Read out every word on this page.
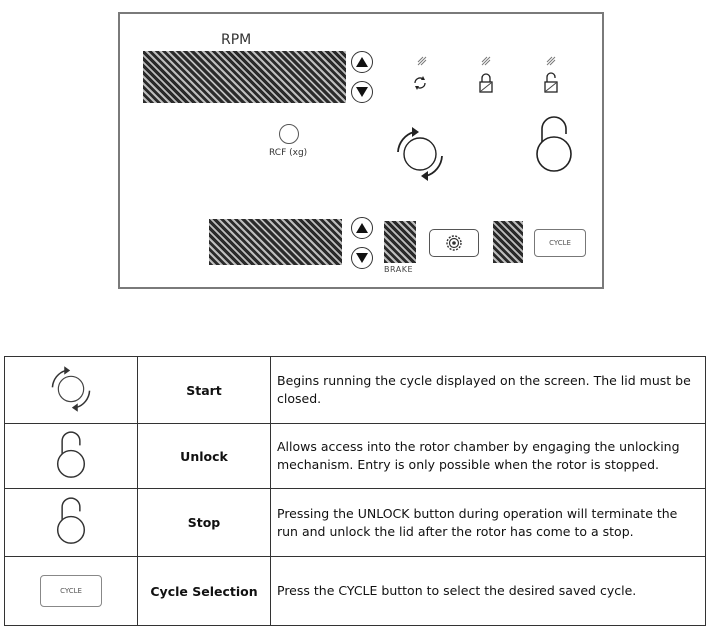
RPM
RCF (xg)
BRAKE
CYCLE
	Start	Begins running the cycle displayed on the screen. The lid must be closed.
	Unlock	Allows access into the rotor chamber by engaging the unlocking mechanism. Entry is only possible when the rotor is stopped.
	Stop	Pressing the UNLOCK button during operation will terminate the run and unlock the lid after the rotor has come to a stop.
CYCLE	Cycle Selection	Press the CYCLE button to select the desired saved cycle.
